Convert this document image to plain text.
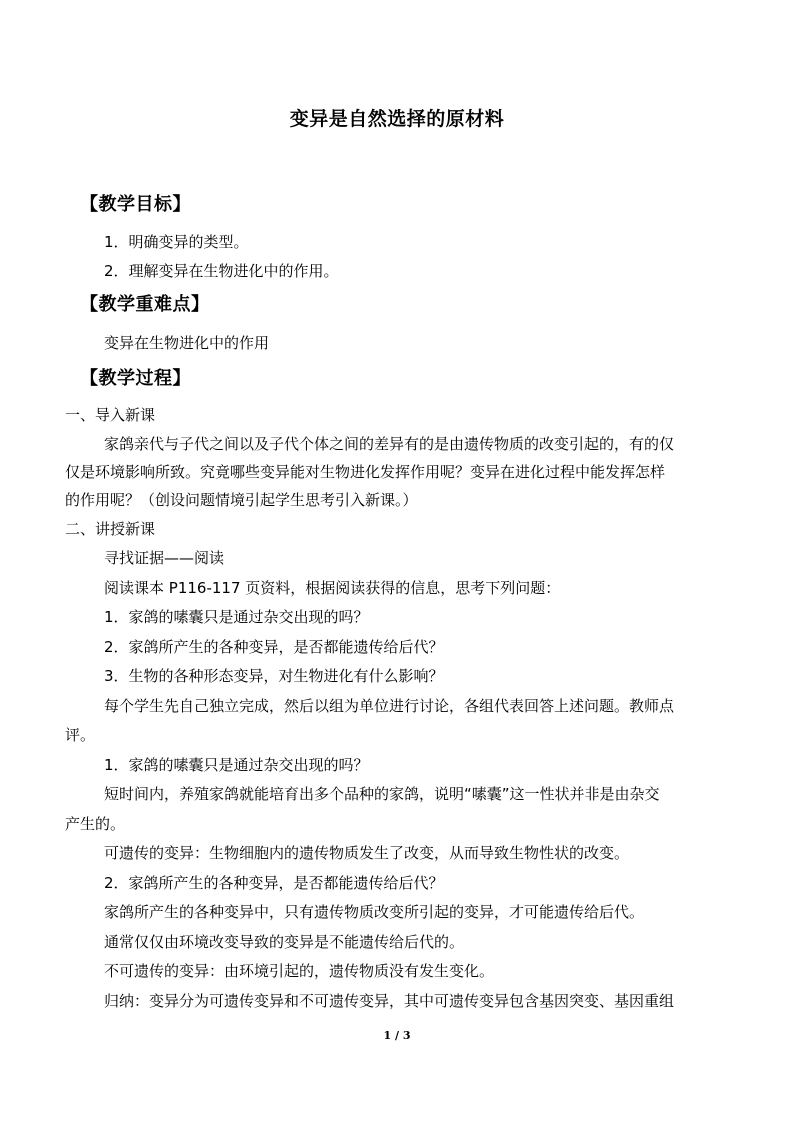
变异是自然选择的原材料
【教学目标】
1．明确变异的类型。
2．理解变异在生物进化中的作用。
【教学重难点】
变异在生物进化中的作用
【教学过程】
一、导入新课
家鸽亲代与子代之间以及子代个体之间的差异有的是由遗传物质的改变引起的，有的仅
仅是环境影响所致。究竟哪些变异能对生物进化发挥作用呢？变异在进化过程中能发挥怎样
的作用呢？（创设问题情境引起学生思考引入新课。）
二、讲授新课
寻找证据——阅读
阅读课本 P116-117 页资料，根据阅读获得的信息，思考下列问题：
1．家鸽的嗉囊只是通过杂交出现的吗？
2．家鸽所产生的各种变异，是否都能遗传给后代？
3．生物的各种形态变异，对生物进化有什么影响？
每个学生先自己独立完成，然后以组为单位进行讨论，各组代表回答上述问题。教师点
评。
1．家鸽的嗉囊只是通过杂交出现的吗？
短时间内，养殖家鸽就能培育出多个品种的家鸽，说明“嗉囊”这一性状并非是由杂交
产生的。
可遗传的变异：生物细胞内的遗传物质发生了改变，从而导致生物性状的改变。
2．家鸽所产生的各种变异，是否都能遗传给后代？
家鸽所产生的各种变异中，只有遗传物质改变所引起的变异，才可能遗传给后代。
通常仅仅由环境改变导致的变异是不能遗传给后代的。
不可遗传的变异：由环境引起的，遗传物质没有发生变化。
归纳：变异分为可遗传变异和不可遗传变异，其中可遗传变异包含基因突变、基因重组
1 / 3
